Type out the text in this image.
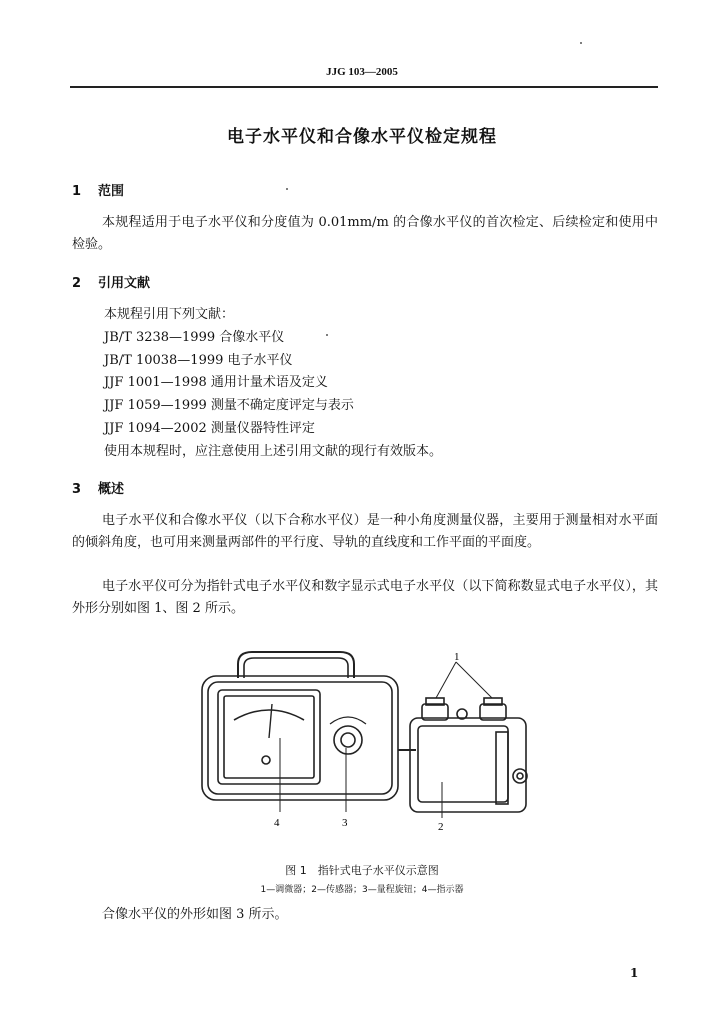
JJG 103—2005
电子水平仪和合像水平仪检定规程
1 范围
本规程适用于电子水平仪和分度值为 0.01mm/m 的合像水平仪的首次检定、后续检定和使用中检验。
2 引用文献
本规程引用下列文献：
JB/T 3238—1999 合像水平仪
JB/T 10038—1999 电子水平仪
JJF 1001—1998 通用计量术语及定义
JJF 1059—1999 测量不确定度评定与表示
JJF 1094—2002 测量仪器特性评定
使用本规程时，应注意使用上述引用文献的现行有效版本。
3 概述
电子水平仪和合像水平仪（以下合称水平仪）是一种小角度测量仪器，主要用于测量相对水平面的倾斜角度，也可用来测量两部件的平行度、导轨的直线度和工作平面的平面度。
电子水平仪可分为指针式电子水平仪和数字显示式电子水平仪（以下简称数显式电子水平仪），其外形分别如图 1、图 2 所示。
1
2
3
4
图 1　指针式电子水平仪示意图
1—调微器；2—传感器；3—量程旋钮；4—指示器
合像水平仪的外形如图 3 所示。
1
